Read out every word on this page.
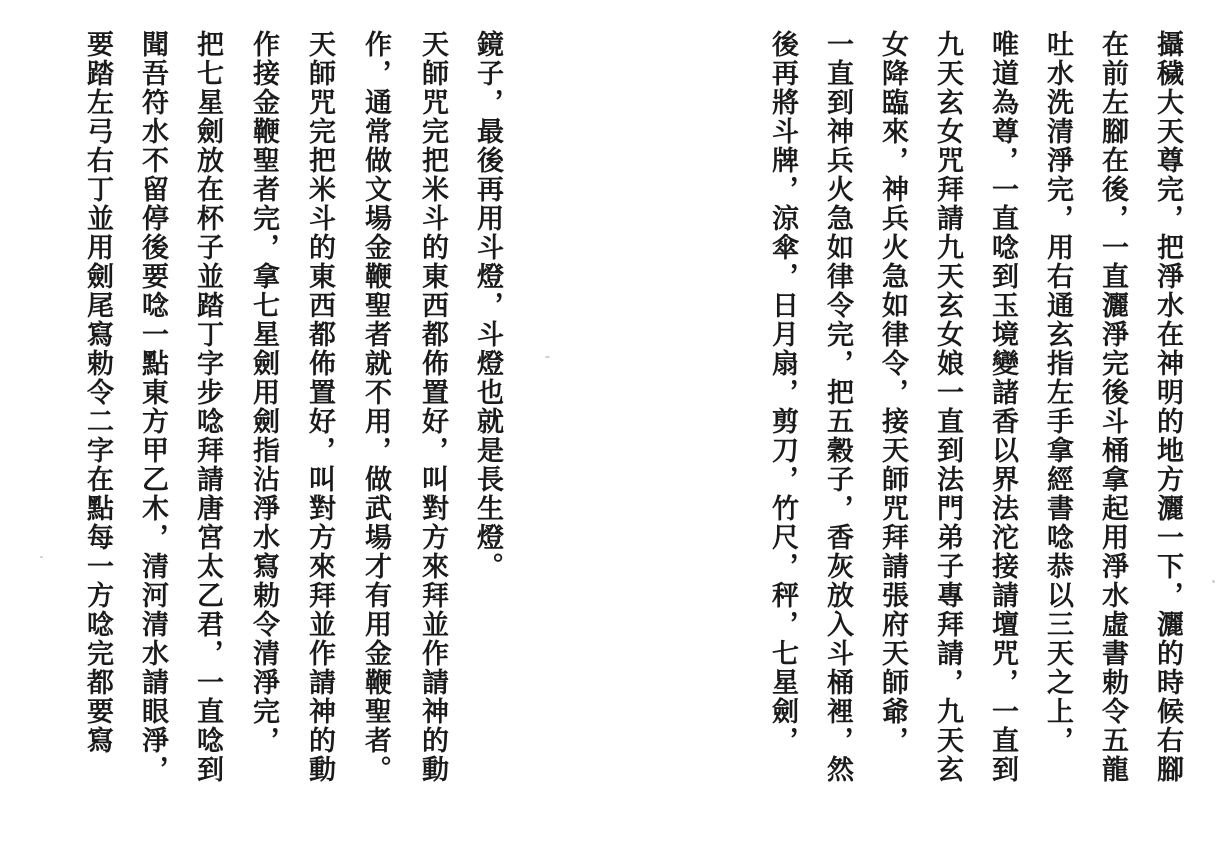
攝穢大天尊完，把淨水在神明的地方灑一下，灑的時候右腳
在前左腳在後，一直灑淨完後斗桶拿起用淨水虛書勅令五龍
吐水洗清淨完，用右通玄指左手拿經書唸恭以三天之上，
唯道為尊，一直唸到玉境變諸香以界法沱接請壇咒，一直到
九天玄女咒拜請九天玄女娘一直到法門弟子專拜請，九天玄
女降臨來，神兵火急如律令，接天師咒拜請張府天師爺，
一直到神兵火急如律令完，把五穀子，香灰放入斗桶裡，然
後再將斗牌，涼傘，日月扇，剪刀，竹尺，秤，七星劍，
鏡子，最後再用斗燈，斗燈也就是長生燈。
天師咒完把米斗的東西都佈置好，叫對方來拜並作請神的動
作，通常做文場金鞭聖者就不用，做武場才有用金鞭聖者。
天師咒完把米斗的東西都佈置好，叫對方來拜並作請神的動
作接金鞭聖者完，拿七星劍用劍指沾淨水寫勅令清淨完，
把七星劍放在杯子並踏丁字步唸拜請唐宮太乙君，一直唸到
聞吾符水不留停後要唸一點東方甲乙木，清河清水請眼淨，
要踏左弓右丁並用劍尾寫勅令二字在點每一方唸完都要寫
